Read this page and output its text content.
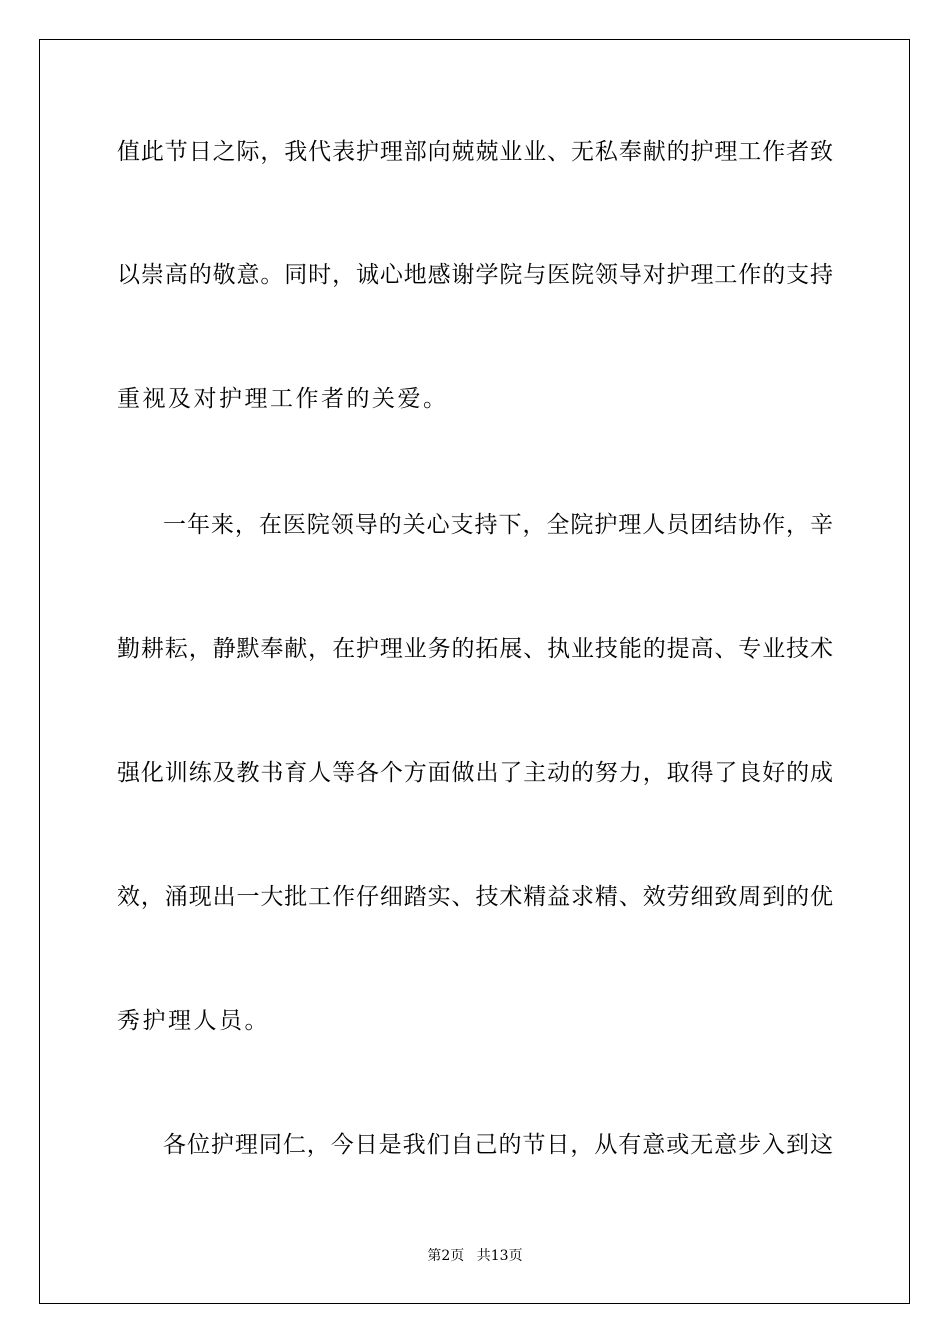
值此节日之际，我代表护理部向兢兢业业、无私奉献的护理工作者致
以崇高的敬意。同时，诚心地感谢学院与医院领导对护理工作的支持
重视及对护理工作者的关爱。
一年来，在医院领导的关心支持下，全院护理人员团结协作，辛
勤耕耘，静默奉献，在护理业务的拓展、执业技能的提高、专业技术
强化训练及教书育人等各个方面做出了主动的努力，取得了良好的成
效，涌现出一大批工作仔细踏实、技术精益求精、效劳细致周到的优
秀护理人员。
各位护理同仁，今日是我们自己的节日，从有意或无意步入到这
第2页 共13页
